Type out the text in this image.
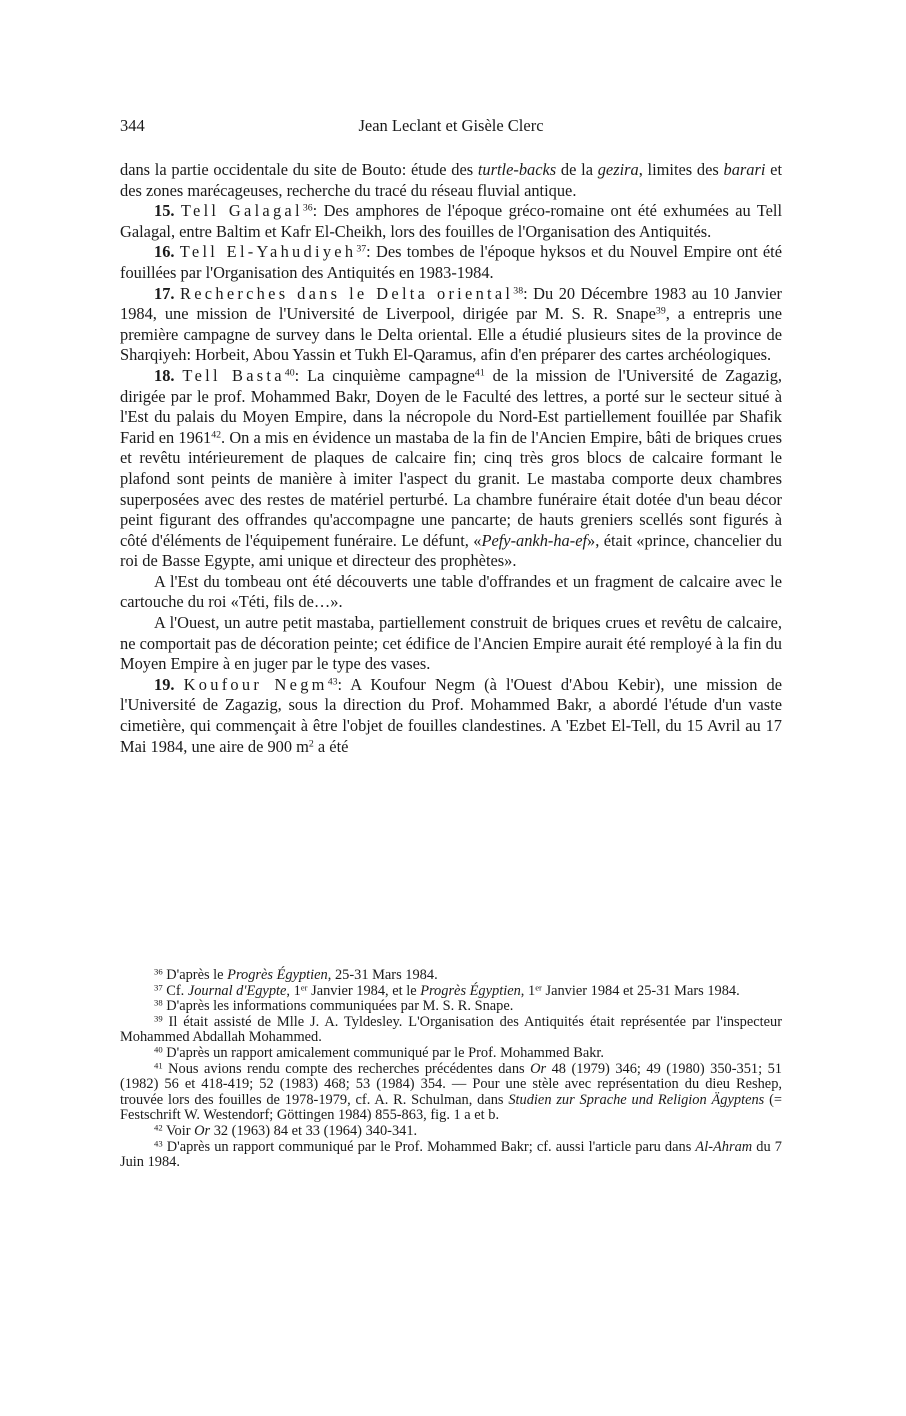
344	Jean Leclant et Gisèle Clerc

dans la partie occidentale du site de Bouto: étude des turtle-backs de la gezira, limites des barari et des zones marécageuses, recherche du tracé du réseau fluvial antique.

15. Tell Galagal$^{36}$: Des amphores de l'époque gréco-romaine ont été exhumées au Tell Galagal, entre Baltim et Kafr El-Cheikh, lors des fouilles de l'Organisation des Antiquités.

16. Tell El-Yahudiyeh$^{37}$: Des tombes de l'époque hyksos et du Nouvel Empire ont été fouillées par l'Organisation des Antiquités en 1983-1984.

17. Recherches dans le Delta oriental$^{38}$: Du 20 Décembre 1983 au 10 Janvier 1984, une mission de l'Université de Liverpool, dirigée par M. S. R. Snape$^{39}$, a entrepris une première campagne de survey dans le Delta oriental. Elle a étudié plusieurs sites de la province de Sharqiyeh: Horbeit, Abou Yassin et Tukh El-Qaramus, afin d'en préparer des cartes archéologiques.

18. Tell Basta$^{40}$: La cinquième campagne$^{41}$ de la mission de l'Université de Zagazig, dirigée par le prof. Mohammed Bakr, Doyen de le Faculté des lettres, a porté sur le secteur situé à l'Est du palais du Moyen Empire, dans la nécropole du Nord-Est partiellement fouillée par Shafik Farid en 1961$^{42}$. On a mis en évidence un mastaba de la fin de l'Ancien Empire, bâti de briques crues et revêtu intérieurement de plaques de calcaire fin; cinq très gros blocs de calcaire formant le plafond sont peints de manière à imiter l'aspect du granit. Le mastaba comporte deux chambres superposées avec des restes de matériel perturbé. La chambre funéraire était dotée d'un beau décor peint figurant des offrandes qu'accompagne une pancarte; de hauts greniers scellés sont figurés à côté d'éléments de l'équipement funéraire. Le défunt, «Pefy-ankh-ha-ef», était «prince, chancelier du roi de Basse Egypte, ami unique et directeur des prophètes».

A l'Est du tombeau ont été découverts une table d'offrandes et un fragment de calcaire avec le cartouche du roi «Téti, fils de…».

A l'Ouest, un autre petit mastaba, partiellement construit de briques crues et revêtu de calcaire, ne comportait pas de décoration peinte; cet édifice de l'Ancien Empire aurait été remployé à la fin du Moyen Empire à en juger par le type des vases.

19. Koufour Negm$^{43}$: A Koufour Negm (à l'Ouest d'Abou Kebir), une mission de l'Université de Zagazig, sous la direction du Prof. Mohammed Bakr, a abordé l'étude d'un vaste cimetière, qui commençait à être l'objet de fouilles clandestines. A 'Ezbet El-Tell, du 15 Avril au 17 Mai 1984, une aire de 900 $m^2$ a été

$^{36}$ D'après le Progrès Égyptien, 25-31 Mars 1984.

$^{37}$ Cf. Journal d'Egypte, 1er Janvier 1984, et le Progrès Égyptien, 1er Janvier 1984 et 25-31 Mars 1984.

$^{38}$ D'après les informations communiquées par M. S. R. Snape.

$^{39}$ Il était assisté de Mlle J. A. Tyldesley. L'Organisation des Antiquités était représentée par l'inspecteur Mohammed Abdallah Mohammed.

$^{40}$ D'après un rapport amicalement communiqué par le Prof. Mohammed Bakr.

$^{41}$ Nous avions rendu compte des recherches précédentes dans Or 48 (1979) 346; 49 (1980) 350-351; 51 (1982) 56 et 418-419; 52 (1983) 468; 53 (1984) 354. — Pour une stèle avec représentation du dieu Reshep, trouvée lors des fouilles de 1978-1979, cf. A. R. Schulman, dans Studien zur Sprache und Religion Ägyptens (= Festschrift W. Westendorf; Göttingen 1984) 855-863, fig. 1 a et b.

$^{42}$ Voir Or 32 (1963) 84 et 33 (1964) 340-341.

$^{43}$ D'après un rapport communiqué par le Prof. Mohammed Bakr; cf. aussi l'article paru dans Al-Ahram du 7 Juin 1984.
